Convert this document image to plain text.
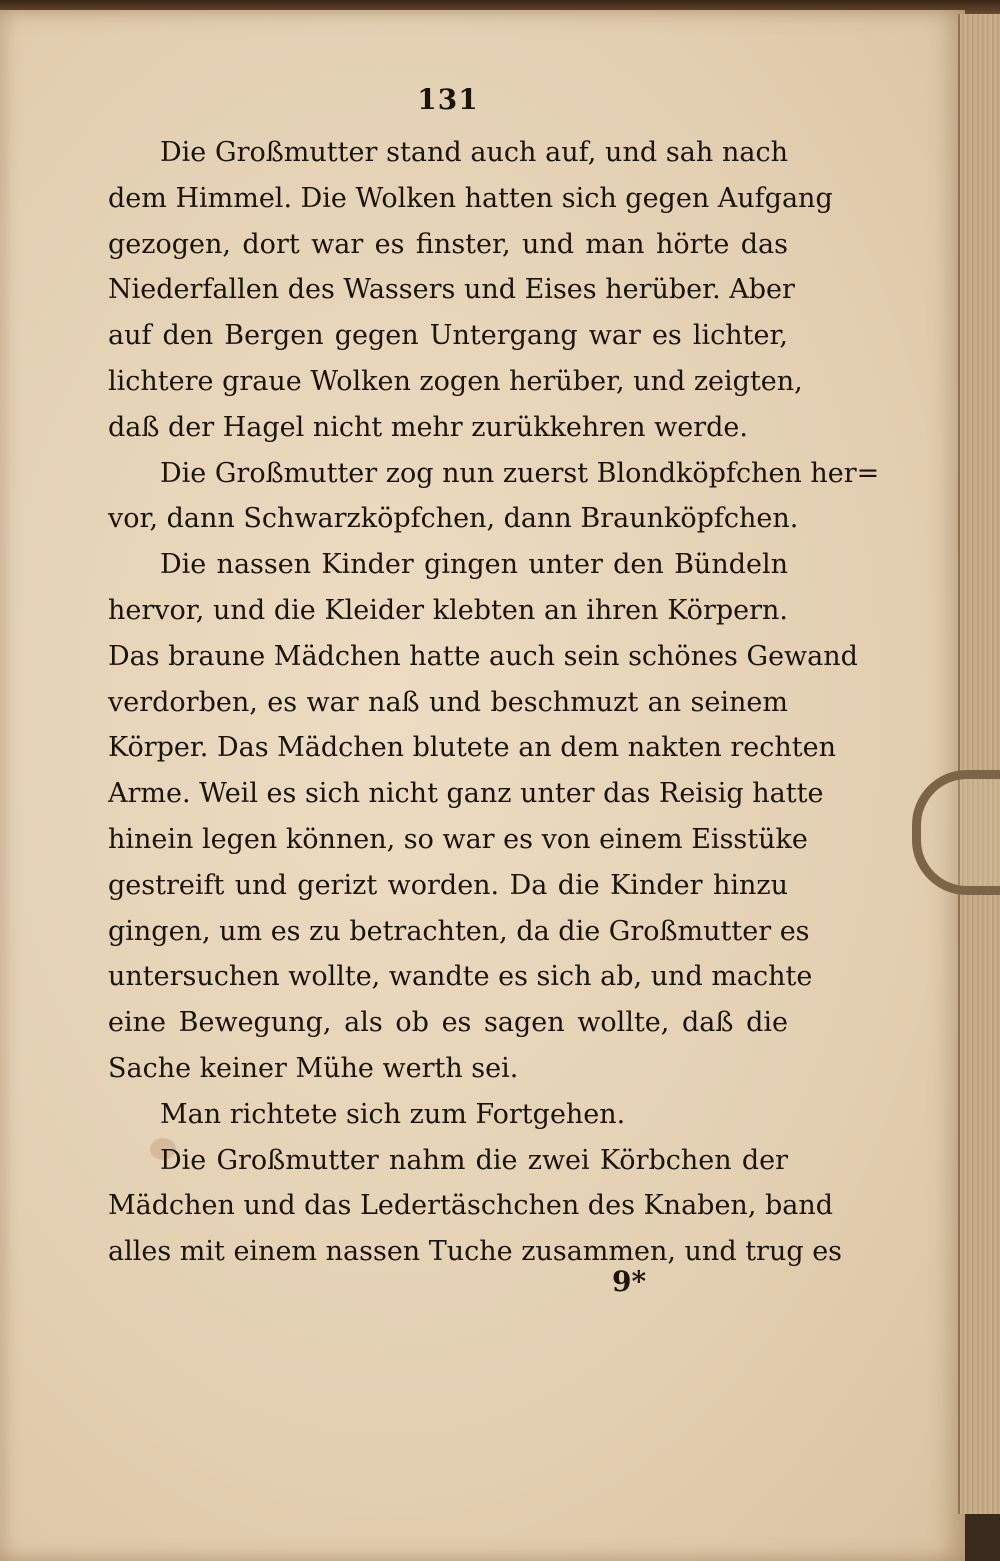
131
Die Großmutter stand auch auf, und sah nach
dem Himmel. Die Wolken hatten sich gegen Aufgang
gezogen, dort war es finster, und man hörte das
Niederfallen des Wassers und Eises herüber. Aber
auf den Bergen gegen Untergang war es lichter,
lichtere graue Wolken zogen herüber, und zeigten,
daß der Hagel nicht mehr zurükkehren werde.
Die Großmutter zog nun zuerst Blondköpfchen her=
vor, dann Schwarzköpfchen, dann Braunköpfchen.
Die nassen Kinder gingen unter den Bündeln
hervor, und die Kleider klebten an ihren Körpern.
Das braune Mädchen hatte auch sein schönes Gewand
verdorben, es war naß und beschmuzt an seinem
Körper. Das Mädchen blutete an dem nakten rechten
Arme. Weil es sich nicht ganz unter das Reisig hatte
hinein legen können, so war es von einem Eisstüke
gestreift und gerizt worden. Da die Kinder hinzu
gingen, um es zu betrachten, da die Großmutter es
untersuchen wollte, wandte es sich ab, und machte
eine Bewegung, als ob es sagen wollte, daß die
Sache keiner Mühe werth sei.
Man richtete sich zum Fortgehen.
Die Großmutter nahm die zwei Körbchen der
Mädchen und das Ledertäschchen des Knaben, band
alles mit einem nassen Tuche zusammen, und trug es
9*
